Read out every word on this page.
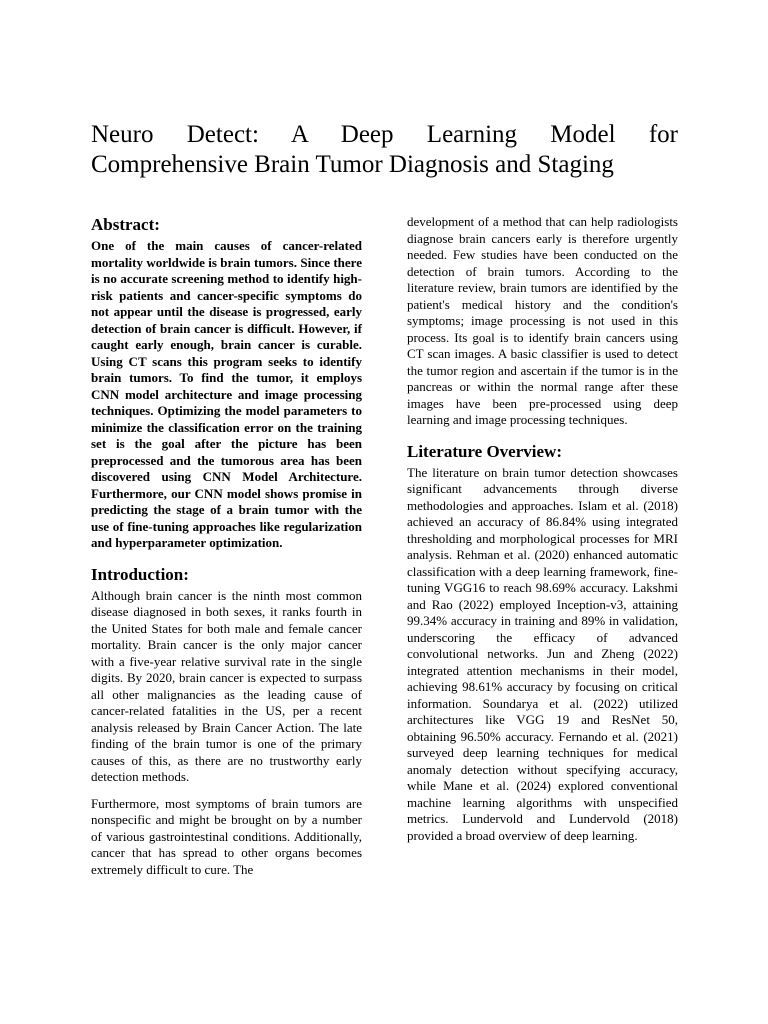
Neuro Detect: A Deep Learning Model for Comprehensive Brain Tumor Diagnosis and Staging
Abstract:

One of the main causes of cancer-related mortality worldwide is brain tumors. Since there is no accurate screening method to identify high-risk patients and cancer-specific symptoms do not appear until the disease is progressed, early detection of brain cancer is difficult. However, if caught early enough, brain cancer is curable. Using CT scans this program seeks to identify brain tumors. To find the tumor, it employs CNN model architecture and image processing techniques. Optimizing the model parameters to minimize the classification error on the training set is the goal after the picture has been preprocessed and the tumorous area has been discovered using CNN Model Architecture. Furthermore, our CNN model shows promise in predicting the stage of a brain tumor with the use of fine-tuning approaches like regularization and hyperparameter optimization.

Introduction:

Although brain cancer is the ninth most common disease diagnosed in both sexes, it ranks fourth in the United States for both male and female cancer mortality. Brain cancer is the only major cancer with a five-year relative survival rate in the single digits. By 2020, brain cancer is expected to surpass all other malignancies as the leading cause of cancer-related fatalities in the US, per a recent analysis released by Brain Cancer Action. The late finding of the brain tumor is one of the primary causes of this, as there are no trustworthy early detection methods.

Furthermore, most symptoms of brain tumors are nonspecific and might be brought on by a number of various gastrointestinal conditions. Additionally, cancer that has spread to other organs becomes extremely difficult to cure. The

development of a method that can help radiologists diagnose brain cancers early is therefore urgently needed. Few studies have been conducted on the detection of brain tumors. According to the literature review, brain tumors are identified by the patient's medical history and the condition's symptoms; image processing is not used in this process. Its goal is to identify brain cancers using CT scan images. A basic classifier is used to detect the tumor region and ascertain if the tumor is in the pancreas or within the normal range after these images have been pre-processed using deep learning and image processing techniques.

Literature Overview:

The literature on brain tumor detection showcases significant advancements through diverse methodologies and approaches. Islam et al. (2018) achieved an accuracy of 86.84% using integrated thresholding and morphological processes for MRI analysis. Rehman et al. (2020) enhanced automatic classification with a deep learning framework, fine-tuning VGG16 to reach 98.69% accuracy. Lakshmi and Rao (2022) employed Inception-v3, attaining 99.34% accuracy in training and 89% in validation, underscoring the efficacy of advanced convolutional networks. Jun and Zheng (2022) integrated attention mechanisms in their model, achieving 98.61% accuracy by focusing on critical information. Soundarya et al. (2022) utilized architectures like VGG 19 and ResNet 50, obtaining 96.50% accuracy. Fernando et al. (2021) surveyed deep learning techniques for medical anomaly detection without specifying accuracy, while Mane et al. (2024) explored conventional machine learning algorithms with unspecified metrics. Lundervold and Lundervold (2018) provided a broad overview of deep learning.
